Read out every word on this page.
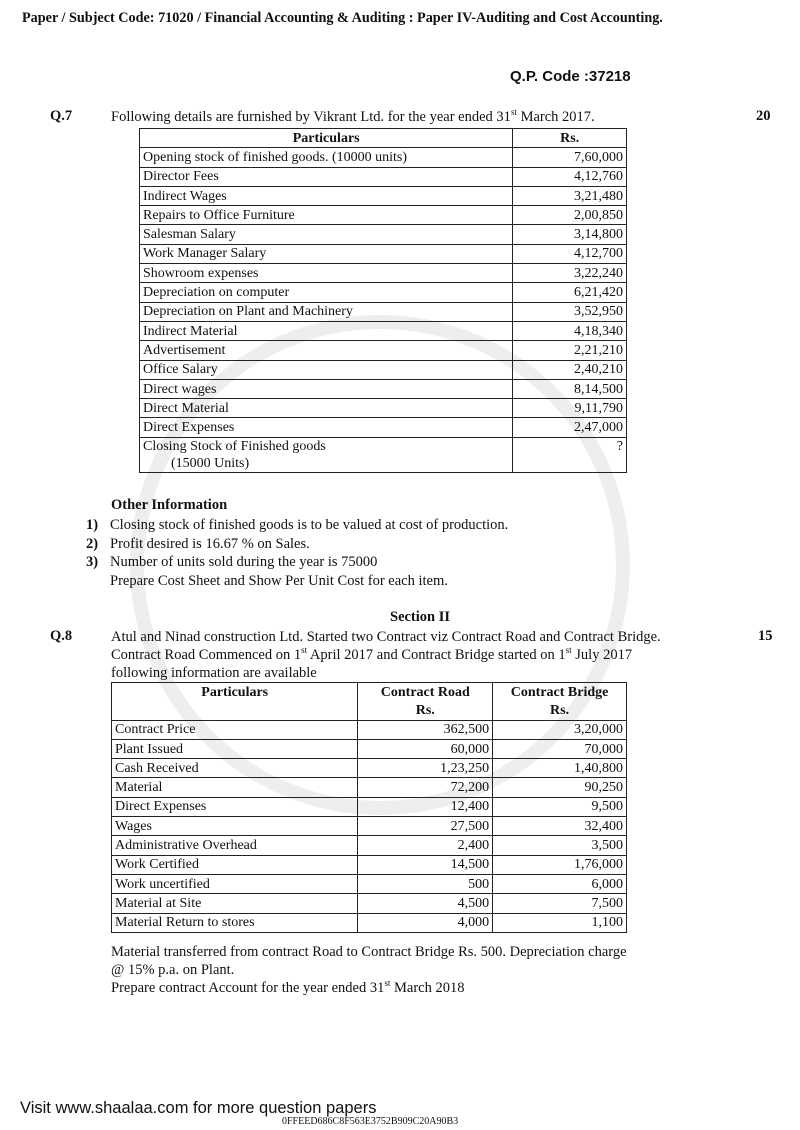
Paper / Subject Code: 71020 / Financial Accounting & Auditing : Paper IV-Auditing and Cost Accounting.
Q.P. Code :37218
Q.7	Following details are furnished by Vikrant Ltd. for the year ended 31st March 2017.	20
Particulars	Rs.
Opening stock of finished goods. (10000 units)	7,60,000
Director Fees	4,12,760
Indirect Wages	3,21,480
Repairs to Office Furniture	2,00,850
Salesman Salary	3,14,800
Work Manager Salary	4,12,700
Showroom expenses	3,22,240
Depreciation on computer	6,21,420
Depreciation on Plant and Machinery	3,52,950
Indirect Material	4,18,340
Advertisement	2,21,210
Office Salary	2,40,210
Direct wages	8,14,500
Direct Material	9,11,790
Direct Expenses	2,47,000
Closing Stock of Finished goods
(15000 Units)	?
Other Information
1) Closing stock of finished goods is to be valued at cost of production.
2) Profit desired is 16.67 % on Sales.
3) Number of units sold during the year is 75000
Prepare Cost Sheet and Show Per Unit Cost for each item.
Section II
Q.8	15
Atul and Ninad construction Ltd. Started two Contract viz Contract Road and Contract Bridge.
Contract Road Commenced on 1st April 2017 and Contract Bridge started on 1st July 2017
following information are available
Particulars	Contract Road	Contract Bridge
	Rs.	Rs.
Contract Price	362,500	3,20,000
Plant Issued	60,000	70,000
Cash Received	1,23,250	1,40,800
Material	72,200	90,250
Direct Expenses	12,400	9,500
Wages	27,500	32,400
Administrative Overhead	2,400	3,500
Work Certified	14,500	1,76,000
Work uncertified	500	6,000
Material at Site	4,500	7,500
Material Return to stores	4,000	1,100
Material transferred from contract Road to Contract Bridge Rs. 500. Depreciation charge
@ 15% p.a. on Plant.
Prepare contract Account for the year ended 31st March 2018
Visit www.shaalaa.com for more question papers
0FFEED686C8F563E3752B909C20A90B3
